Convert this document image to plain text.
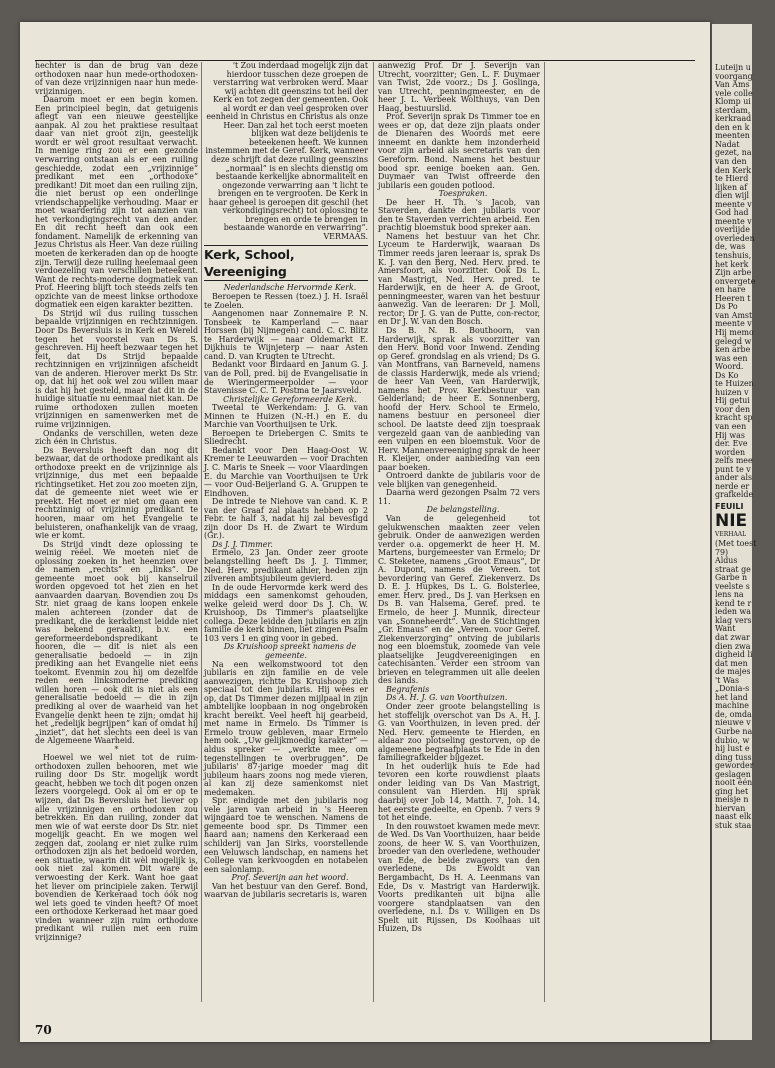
hechter is dan de brug van deze orthodoxen naar hun mede-orthodoxen-of van deze vrijzinnigen naar hun mede-vrijzinnigen.

Daarom moet er een begin komen. Een principieel begin, dat getuigenis aflegt van een nieuwe geestelijke aanpak. Al zou het praktiese resultaat daar van niet groot zijn, geestelijk wordt er wèl groot resultaat verwacht. In menige ring zou er een gezonde verwarring ontstaan als er een ruiling geschiedde, zodat een „vrijzinnige” predikant met een „orthodoxe” predikant! Dit moet dan een ruiling zijn, die niet berust op een onderlinge vriendschappelijke verhouding. Maar er moet waardering zijn tot aanzien van het verkondigingsrecht van den ander. En dit recht heeft dan ook een fondament. Namelijk de erkenning van Jezus Christus als Heer. Van deze ruiling moeten de kerkeraden dan op de hoogte zijn. Terwijl deze ruiling heelemaal geen verdoezeling van verschillen beteekent. Want de rechts-moderne dogmatiek van Prof. Heering blijft toch steeds zelfs ten opzichte van de meest linkse orthodoxe dogmatiek een eigen karakter bezitten.

Ds Strijd wil dus ruiling tusschen bepaalde vrijzinnigen en rechtzinnigen. Door Ds Beversluis is in Kerk en Wereld tegen het voorstel van Ds S. geschreven. Hij heeft bezwaar tegen het feit, dat Ds Strijd bepaalde rechtzinnigen en vrijzinnigen afscheidt van de anderen. Hierover merkt Ds Str. op, dat hij het ook wel zou willen maar is dat hij het gesteld, maar dat dit in de huidige situatie nu eenmaal niet kan. De ruime orthodoxen zullen moeten vrijzinnigen en samenwerken met de ruime vrijzinnigen.

Ondanks de verschillen, weten deze zich één in Christus.

Ds Beversluis heeft dan nog dit bezwaar, dat de orthodoxe predikant als orthodoxe preekt en de vrijzinnige als vrijzinnige, dus met een bepaalde richtingsetiket. Het zou zoo moeten zijn, dat de gemeente niet weet wie er preekt. Het moet er niet om gaan een rechtzinnig of vrijzinnig predikant te hooren, maar om het Evangelie te beluisteren, onafhankelijk van de vraag, wie er komt.

Ds Strijd vindt deze oplossing te weinig reëel. We moeten niet de oplossing zoeken in het heenzien over de namen „rechts” en „links”. De gemeente moet ook bij kanselruil worden opgevoed tot het zien en het aanvaarden daarvan. Bovendien zou Ds Str. niet graag de kans loopen enkele malen achtereen (zonder dat de predikant, die de kerkdienst leidde niet was bekend geraakt), b.v. een gereformeerdebondspredikant te hooren, die — dit is niet als een generalisatie bedoeld — in zijn prediking aan het Evangelie niet eens toekomt. Evenmin zou hij om dezelfde reden een linksmoderne prediking willen horen — ook dit is niet als een generalisatie bedoeld — die in zijn prediking al over de waarheid van het Evangelie denkt heen te zijn; omdat hij het „redelijk begrijpen” kan of omdat hij „inziet”, dat het slechts een deel is van de Algemeene Waarheid.

*

Hoewel we wel niet tot de ruim-orthodoxen zullen behooren, met wie ruiling door Ds Str. mogelijk wordt geacht, hebben we toch dit pogen onzen lezers voorgelegd. Ook al om er op te wijzen, dat Ds Beversluis het liever op alle vrijzinnigen en orthodoxen zou betrekken. En dan ruiling, zonder dat men wie of wat eerste door Ds Str. niet mogelijk geacht. En we mogen wel zeggen dat, zoolang er niet zulke ruim orthodoxen zijn als het bedoeld worden, een situatie, waarin dit wèl mogelijk is, ook niet zal komen. Dit ware de verwoesting der Kerk. Want hoe gaat het liever om principiele zaken. Terwijl bovendien de Kerkeraad toch óók nog wel iets goed te vinden heeft? Of moet een orthodoxe Kerkeraad het maar goed vinden wanneer zijn ruim orthodoxe predikant wil ruilen met een ruim vrijzinnige?

't Zou inderdaad mogelijk zijn dat hierdoor tusschen deze groepen de verstarring wat verbroken werd. Maar wij achten dit geenszins tot heil der Kerk en tot zegen der gemeenten. Ook al wordt er dan veel gesproken over eenheid in Christus en Christus als onze Heer. Dan zal het toch eerst moeten blijken wat deze belijdenis te beteekenen heeft. We kunnen instemmen met de Geref. Kerk, wanneer deze schrijft dat deze ruiling geenszins „normaal” is en slechts dienstig om bestaande kerkelijke abnormaliteit en ongezonde verwarring aan 't licht te brengen en te vergrooten. De Kerk in haar geheel is geroepen dit geschil (het verkondigingsrecht) tot oplossing te brengen en orde te brengen in bestaande wanorde en verwarring”. VERMAAS.

Kerk, School, Vereeniging

Nederlandsche Hervormde Kerk.

Beroepen te Ressen (toez.) J. H. Israël te Zoelen.

Aangenomen naar Zonnemaire P. N. Tonsbeek te Kamperland — naar Horssen (bij Nijmegen) cand. C. C. Blitz te Harderwijk — naar Oldemarkt E. Dijkhuis te Wijnjeterp — naar Asten cand. D. van Krugten te Utrecht.

Bedankt voor Birdaard en Janum G. J. van de Poll, pred. bij de Evangelisatie in de Wieringermeerpolder — voor Stavenisse C. C. T. Postma te Jaarsveld.

Christelijke Gereformeerde Kerk.

Tweetal te Werkendam: J. G. van Minnen te Huizen (N.-H.) en E. du Marchie van Voorthuijsen te Urk.

Beroepen te Driebergen C. Smits te Sliedrecht.

Bedankt voor Den Haag-Oost W. Kremer te Leeuwarden — voor Drachten J. C. Maris te Sneek — voor Vlaardingen E. du Marchie van Voorthuijsen te Urk — voor Oud-Beijerland G. A. Gruppen te Eindhoven.

De intrede te Niehove van cand. K. P. van der Graaf zal plaats hebben op 2 Febr. te half 3, nadat hij zal bevestigd zijn door Ds H. de Zwart te Wirdum (Gr.).

Ds J. J. Timmer.

Ermelo, 23 Jan. Onder zeer groote belangstelling heeft Ds J. J. Timmer, Ned. Herv. predikant alhier, heden zijn zilveren ambtsjubileum gevierd.

In de oude Hervormde kerk werd des middags een samenkomst gehouden, welke geleid werd door Ds J. Ch. W. Kruishoop, Ds Timmer's plaatselijke collega. Deze leidde den jubilaris en zijn familie de kerk binnen, liet zingen Psalm 103 vers 1 en ging voor in gebed.

Ds Kruishoop spreekt namens de gemeente.

Na een welkomstwoord tot den jubilaris en zijn familie en de vele aanwezigen, richtte Ds Kruishoop zich speciaal tot den jubilaris. Hij wees er op, dat Ds Timmer dezen mijlpaal in zijn ambtelijke loopbaan in nog ongebroken kracht bereikt. Veel heeft hij gearbeid, met name in Ermelo. Ds Timmer is Ermelo trouw gebleven, maar Ermelo hem ook. „Uw gelijkmoedig karakter” — aldus spreker — „werkte mee, om tegenstellingen te overbruggen”. De jubilaris' 87-jarige moeder mag dit jubileum haars zoons nog mede vieren, al kan zij deze samenkomst niet medemaken.

Spr. eindigde met den jubilaris nog vele jaren van arbeid in 's Heeren wijngaard toe te wenschen. Namens de gemeente bood spr. Ds Timmer een haard aan; namens den Kerkeraad een schilderij van Jan Sirks, voorstellende een Veluwsch landschap, en namens het College van kerkvoogden en notabelen een salonlamp.

Prof. Severijn aan het woord.

Van het bestuur van den Geref. Bond, waarvan de jubilaris secretaris is, waren

aanwezig Prof. Dr J. Severijn van Utrecht, voorzitter; Gen. L. F. Duymaer van Twist, 2de voorz.; Ds J. Goslinga, van Utrecht, penningmeester, en de heer J. L. Verbeek Wolthuys, van Den Haag, bestuurslid.

Prof. Severijn sprak Ds Timmer toe en wees er op, dat deze zijn plaats onder de Dienaren des Woords met eere inneemt en dankte hem inzonderheid voor zijn arbeid als secretaris van den Gereform. Bond. Namens het bestuur bood spr. eenige boeken aan. Gen. Duymaer van Twist offreerde den jubilaris een gouden potlood.

Toespraken.

De heer H. Th. 's Jacob, van Staverden, dankte den jubilaris voor den te Staverden verrichten arbeid. Een prachtig bloemstuk bood spreker aan.

Namens het bestuur van het Chr. Lyceum te Harderwijk, waaraan Ds Timmer reeds jaren leeraar is, sprak Ds K. J. van den Berg, Ned. Herv. pred. te Amersfoort, als voorzitter. Ook Ds L. van Mastrigt, Ned. Herv. pred. te Harderwijk, en de heer A. de Groot, penningmeester, waren van het bestuur aanwezig. Van de leeraren: Dr J. Moll, rector; Dr J. G. van de Putte, con-rector, en Dr J. W. van den Bosch.

Ds B. N. B. Bouthoorn, van Harderwijk, sprak als voorzitter van den Herv. Bond voor Inwend. Zending op Geref. grondslag en als vriend; Ds G. van Montfrans, van Barneveld, namens de classis Harderwijk, mede als vriend; de heer Van Veen, van Harderwijk, namens het Prov. Kerkbestuur van Gelderland; de heer E. Sonnenberg, hoofd der Herv. School te Ermelo, namens bestuur en personeel dier school. De laatste deed zijn toespraak vergezeld gaan van de aanbieding van een vulpen en een bloemstuk. Voor de Herv. Mannenvereeniging sprak de heer R. Kleijer, onder aanbieding van een paar boeken.

Ontroerd dankte de jubilaris voor de vele blijken van genegenheid.

Daarna werd gezongen Psalm 72 vers 11.

De belangstelling.

Van de gelegenheid tot gelukwenschen maakten zeer velen gebruik. Onder de aanwezigen werden verder o.a. opgemerkt de heer H. M. Martens, burgemeester van Ermelo; Dr C. Steketee, namens „Groot Emaus”, Dr A. Dupont, namens de Vereen. tot bevordering van Geref. Ziekenverz. Ds D. E. J. Hupkes, Ds L. G. Bolsterlee, emer. Herv. pred., Ds J. van Herksen en Ds B. van Halsema, Geref. pred. te Ermelo, de heer J. Munnik, directeur van „Sonneheerdt”. Van de Stichtingen „Gr. Emaus” en de „Vereen. voor Geref. Ziekenverzorging” ontving de jubilaris nog een bloemstuk, zoomede van vele plaatselijke Jeugdvereenigingen en catechisanten. Verder een stroom van brieven en telegrammen uit alle deelen des lands.

Begrafenis

Ds A. H. J. G. van Voorthuizen.

Onder zeer groote belangstelling is het stoffelijk overschot van Ds A. H. J. G. van Voorthuizen, in leven pred. der Ned. Herv. gemeente te Hierden, en aldaar zoo plotseling gestorven, op de algemeene begraafplaats te Ede in den familiegrafkelder bijgezet.

In het ouderlijk huis te Ede had tevoren een korte rouwdienst plaats onder leiding van Ds Van Mastrigt, consulent van Hierden. Hij sprak daarbij over Job 14, Matth. 7, Joh. 14, het eerste gedeelte, en Openb. 7 vers 9 tot het einde.

In den rouwstoet kwamen mede mevr. de Wed. Ds Van Voorthuizen, haar beide zoons, de heer W. S. van Voorthuizen, broeder van den overledene, wethouder van Ede, de beide zwagers van den overledene, Ds Ewoldt van Bergambacht, Ds H. A. Leenmans van Ede, Ds v. Mastrigt van Harderwijk. Voorts predikanten uit bijna alle voorgere standplaatsen van den overledene, n.l. Ds v. Willigen en Ds Spelt uit Rijssen, Ds Koolhaas uit Huizen, Ds

70
Luteijn u
voorgang
Van Ams
vele colle
Klomp ui
sterdam,
kerkraad
den en k
meenten
Nadat
gezet, na
van den
den Kerk
te Hierd
lijken af
dien wijl
meente v
God had
meente v
overlijde
overleden
de, was
tenshuis,
het kerk
Zijn arbe
onvergete
en hare
Heeren t
Ds Po
van Amst
meente v
Hij memo
gelegd w
ken arbe
was een
Woord.
Ds Ko
te Huizen
huizen v
Hij getui
voor den
kracht sp
van een
Hij was
der. Eve
worden
zelfs mee
punt te v
ander als
nerde er
grafkelde
FEUILI
NIE
VERHAAL
(Met toest
79)
Aldus
straat ge
Garbe n
veelste s
lens na
kend te r
leden wa
klag vers
Want
dat zwar
dien zwa
digheid li
dat men
de majes
't Was
„Donia-s
het land
machine
de, omda
nieuwe v
Gurbe na
dubio, w
hij lust e
ding tuss
geworder
geslagen
nooit één
ging het
meisje n
hiervan
naast elk
stuk staa
